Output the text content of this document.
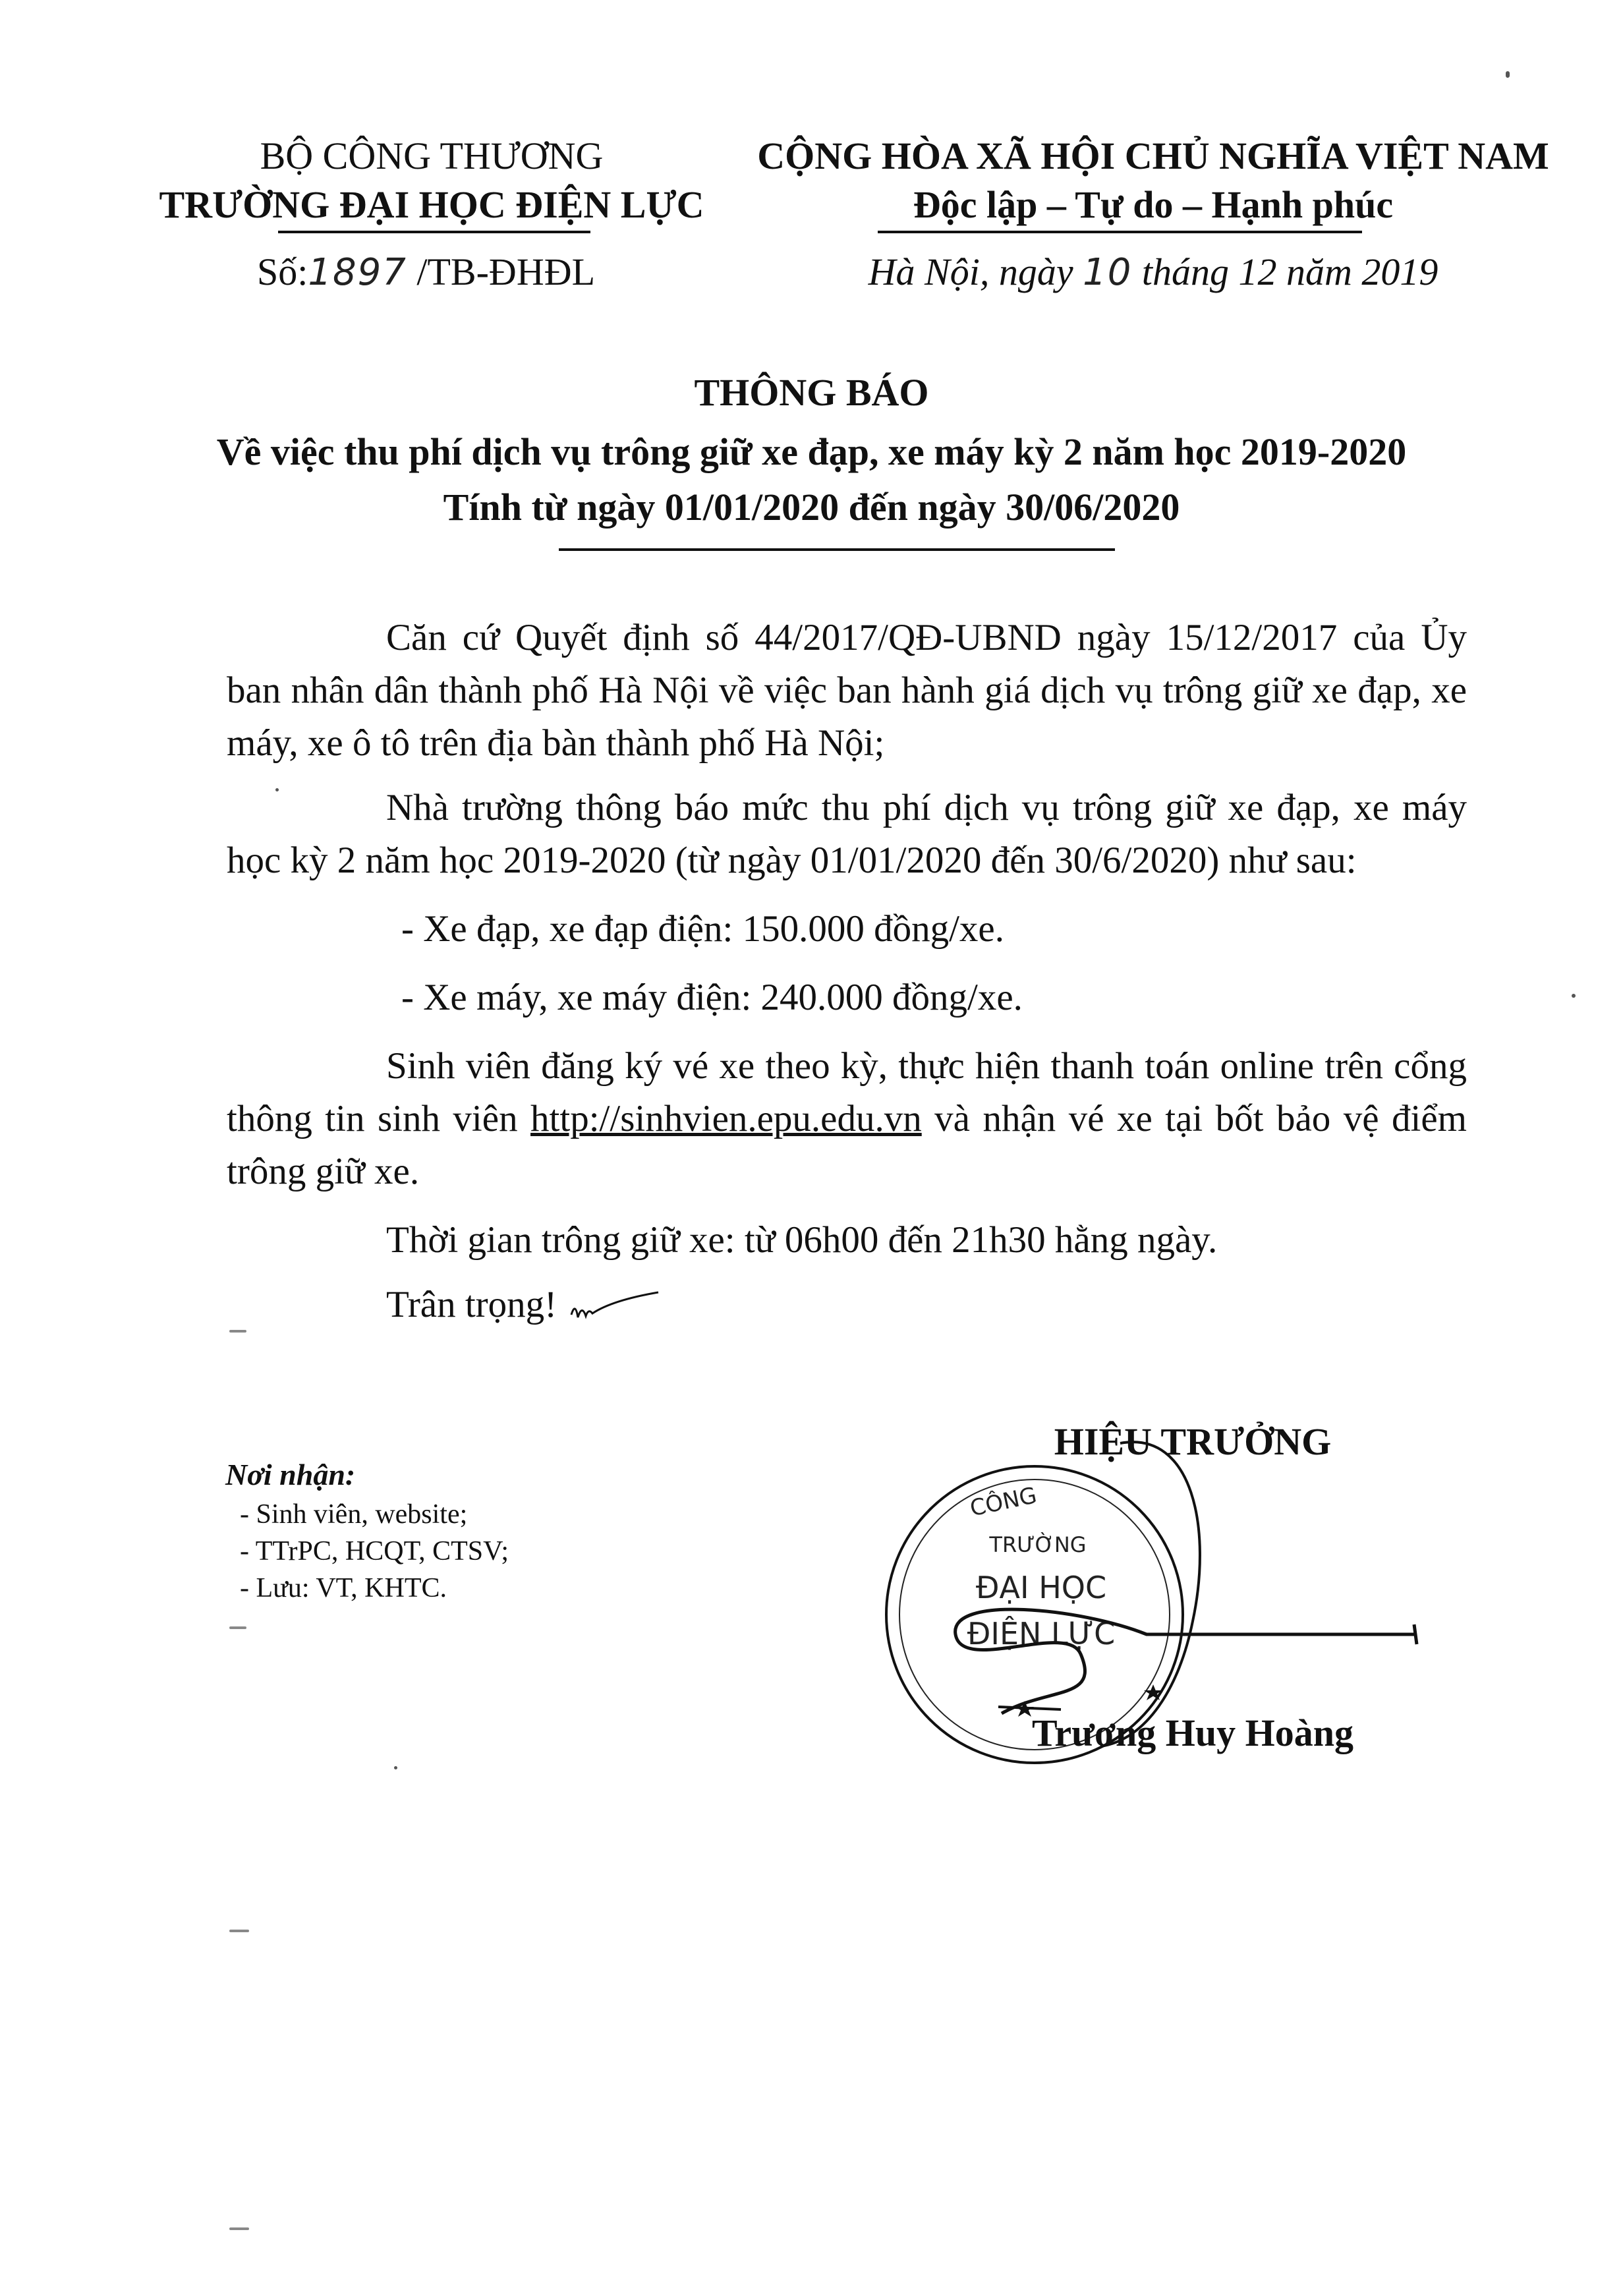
BỘ CÔNG THƯƠNG
TRƯỜNG ĐẠI HỌC ĐIỆN LỰC
Số:1897 /TB-ĐHĐL
CỘNG HÒA XÃ HỘI CHỦ NGHĨA VIỆT NAM
Độc lập – Tự do – Hạnh phúc
Hà Nội, ngày 10 tháng 12 năm 2019
THÔNG BÁO
Về việc thu phí dịch vụ trông giữ xe đạp, xe máy kỳ 2 năm học 2019-2020
Tính từ ngày 01/01/2020 đến ngày 30/06/2020

Căn cứ Quyết định số 44/2017/QĐ-UBND ngày 15/12/2017 của Ủy ban nhân dân thành phố Hà Nội về việc ban hành giá dịch vụ trông giữ xe đạp, xe máy, xe ô tô trên địa bàn thành phố Hà Nội;

Nhà trường thông báo mức thu phí dịch vụ trông giữ xe đạp, xe máy học kỳ 2 năm học 2019-2020 (từ ngày 01/01/2020 đến 30/6/2020) như sau:

- Xe đạp, xe đạp điện: 150.000 đồng/xe.

- Xe máy, xe máy điện: 240.000 đồng/xe.

Sinh viên đăng ký vé xe theo kỳ, thực hiện thanh toán online trên cổng thông tin sinh viên http://sinhvien.epu.edu.vn và nhận vé xe tại bốt bảo vệ điểm trông giữ xe.

Thời gian trông giữ xe: từ 06h00 đến 21h30 hằng ngày.

Trân trọng!

Nơi nhận:
- Sinh viên, website;
- TTrPC, HCQT, CTSV;
- Lưu: VT, KHTC.
HIỆU TRƯỞNG
CÔNG
TRƯỜNG
ĐẠI HỌC
ĐIỆN LỰC
Trương Huy Hoàng
